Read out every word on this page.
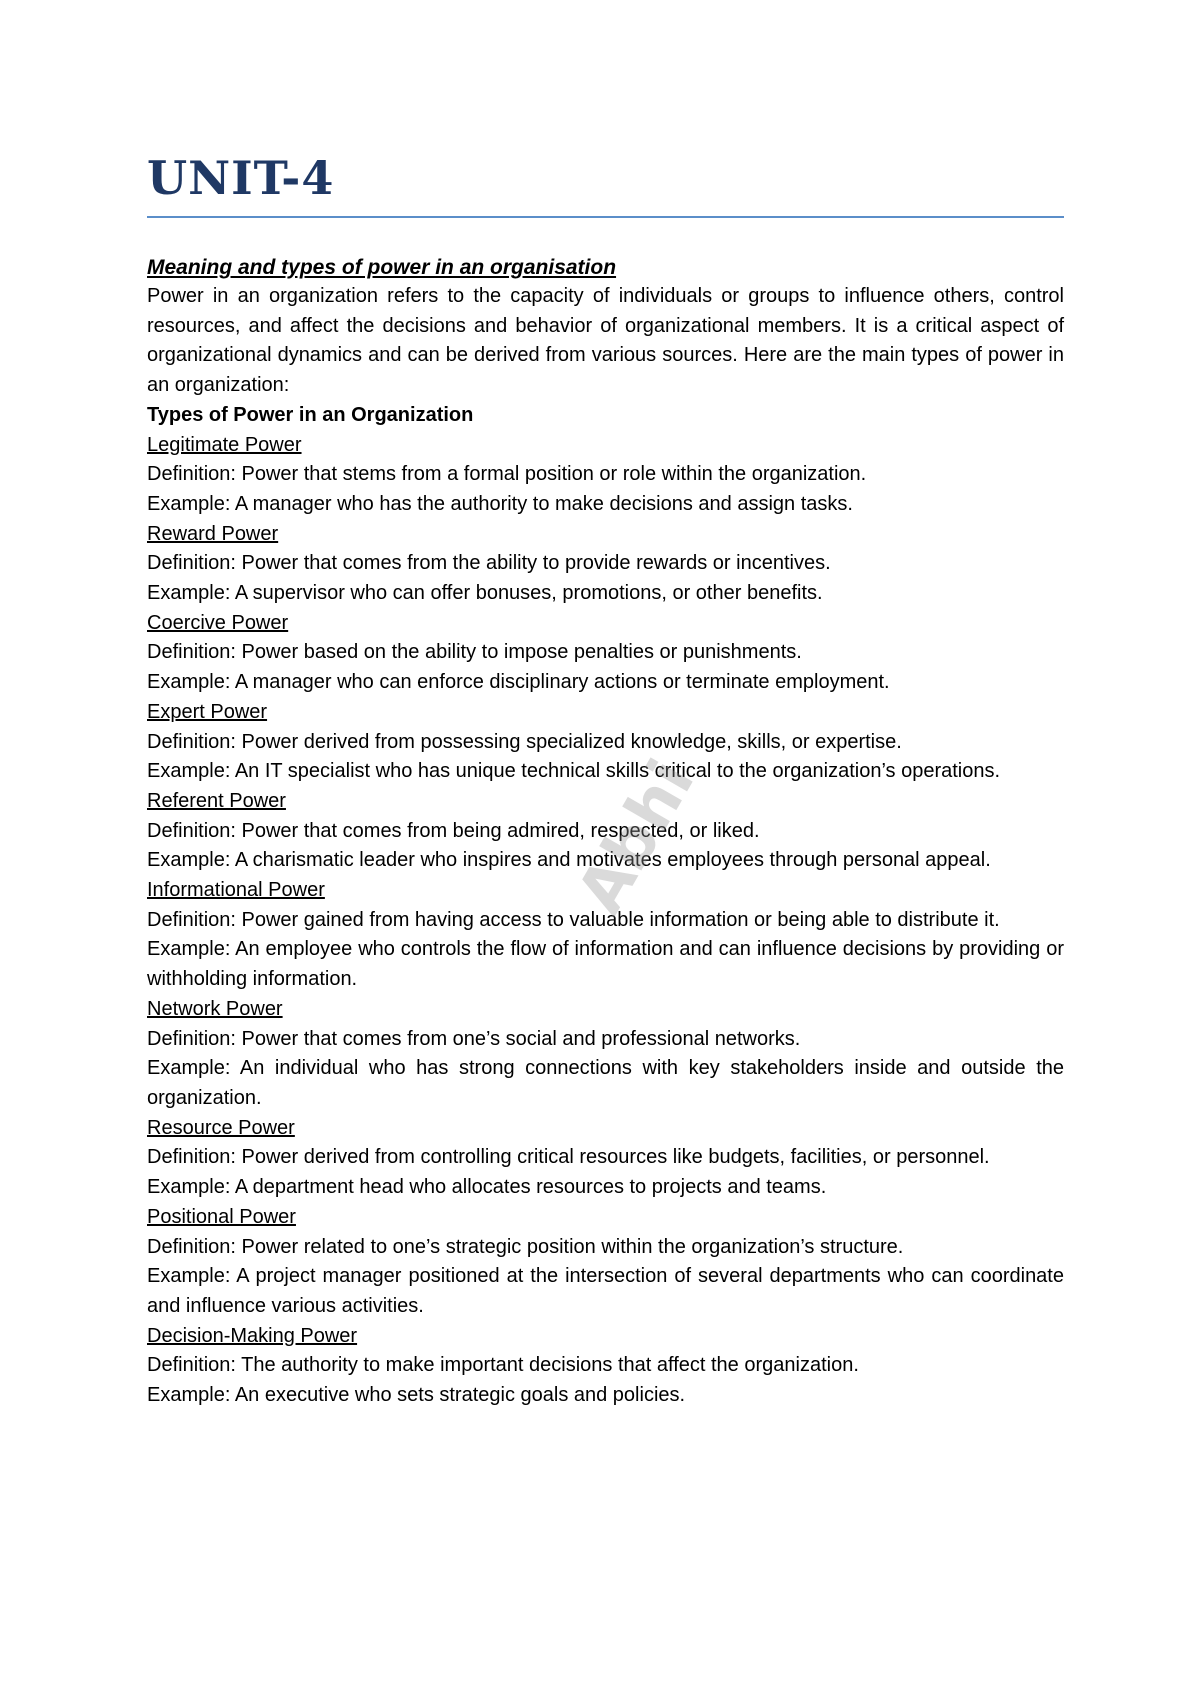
UNIT-4
Meaning and types of power in an organisation

Power in an organization refers to the capacity of individuals or groups to influence others, control resources, and affect the decisions and behavior of organizational members. It is a critical aspect of organizational dynamics and can be derived from various sources. Here are the main types of power in an organization:

Types of Power in an Organization
Legitimate Power

Definition: Power that stems from a formal position or role within the organization.

Example: A manager who has the authority to make decisions and assign tasks.

Reward Power

Definition: Power that comes from the ability to provide rewards or incentives.

Example: A supervisor who can offer bonuses, promotions, or other benefits.

Coercive Power

Definition: Power based on the ability to impose penalties or punishments.

Example: A manager who can enforce disciplinary actions or terminate employment.

Expert Power

Definition: Power derived from possessing specialized knowledge, skills, or expertise.

Example: An IT specialist who has unique technical skills critical to the organization’s operations.

Referent Power

Definition: Power that comes from being admired, respected, or liked.

Example: A charismatic leader who inspires and motivates employees through personal appeal.

Informational Power

Definition: Power gained from having access to valuable information or being able to distribute it.

Example: An employee who controls the flow of information and can influence decisions by providing or withholding information.

Network Power

Definition: Power that comes from one’s social and professional networks.

Example: An individual who has strong connections with key stakeholders inside and outside the organization.

Resource Power

Definition: Power derived from controlling critical resources like budgets, facilities, or personnel.

Example: A department head who allocates resources to projects and teams.

Positional Power

Definition: Power related to one’s strategic position within the organization’s structure.

Example: A project manager positioned at the intersection of several departments who can coordinate and influence various activities.

Decision-Making Power

Definition: The authority to make important decisions that affect the organization.

Example: An executive who sets strategic goals and policies.

Abhi
